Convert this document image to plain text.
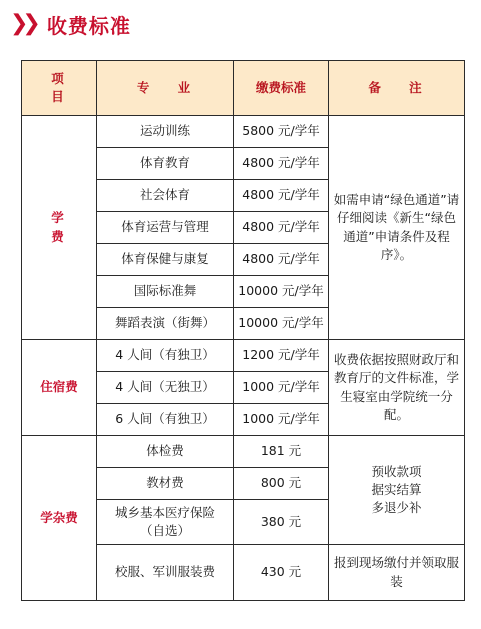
❯❯ 收费标准
项 目	专 业	缴费标准	备 注
学 费	运动训练	5800 元/学年	如需申请“绿色通道”请仔细阅读《新生“绿色通道”申请条件及程序》。
	体育教育	4800 元/学年	
	社会体育	4800 元/学年	
	体育运营与管理	4800 元/学年	
	体育保健与康复	4800 元/学年	
	国际标准舞	10000 元/学年	
	舞蹈表演（街舞）	10000 元/学年	
住宿费	4 人间（有独卫）	1200 元/学年	收费依据按照财政厅和教育厅的文件标准，学生寝室由学院统一分配。
	4 人间（无独卫）	1000 元/学年	
	6 人间（有独卫）	1000 元/学年	
学杂费	体检费	181 元	预收款项
据实结算
多退少补
	教材费	800 元	
	城乡基本医疗保险
（自选）	380 元	
	校服、军训服装费	430 元	报到现场缴付并领取服装
